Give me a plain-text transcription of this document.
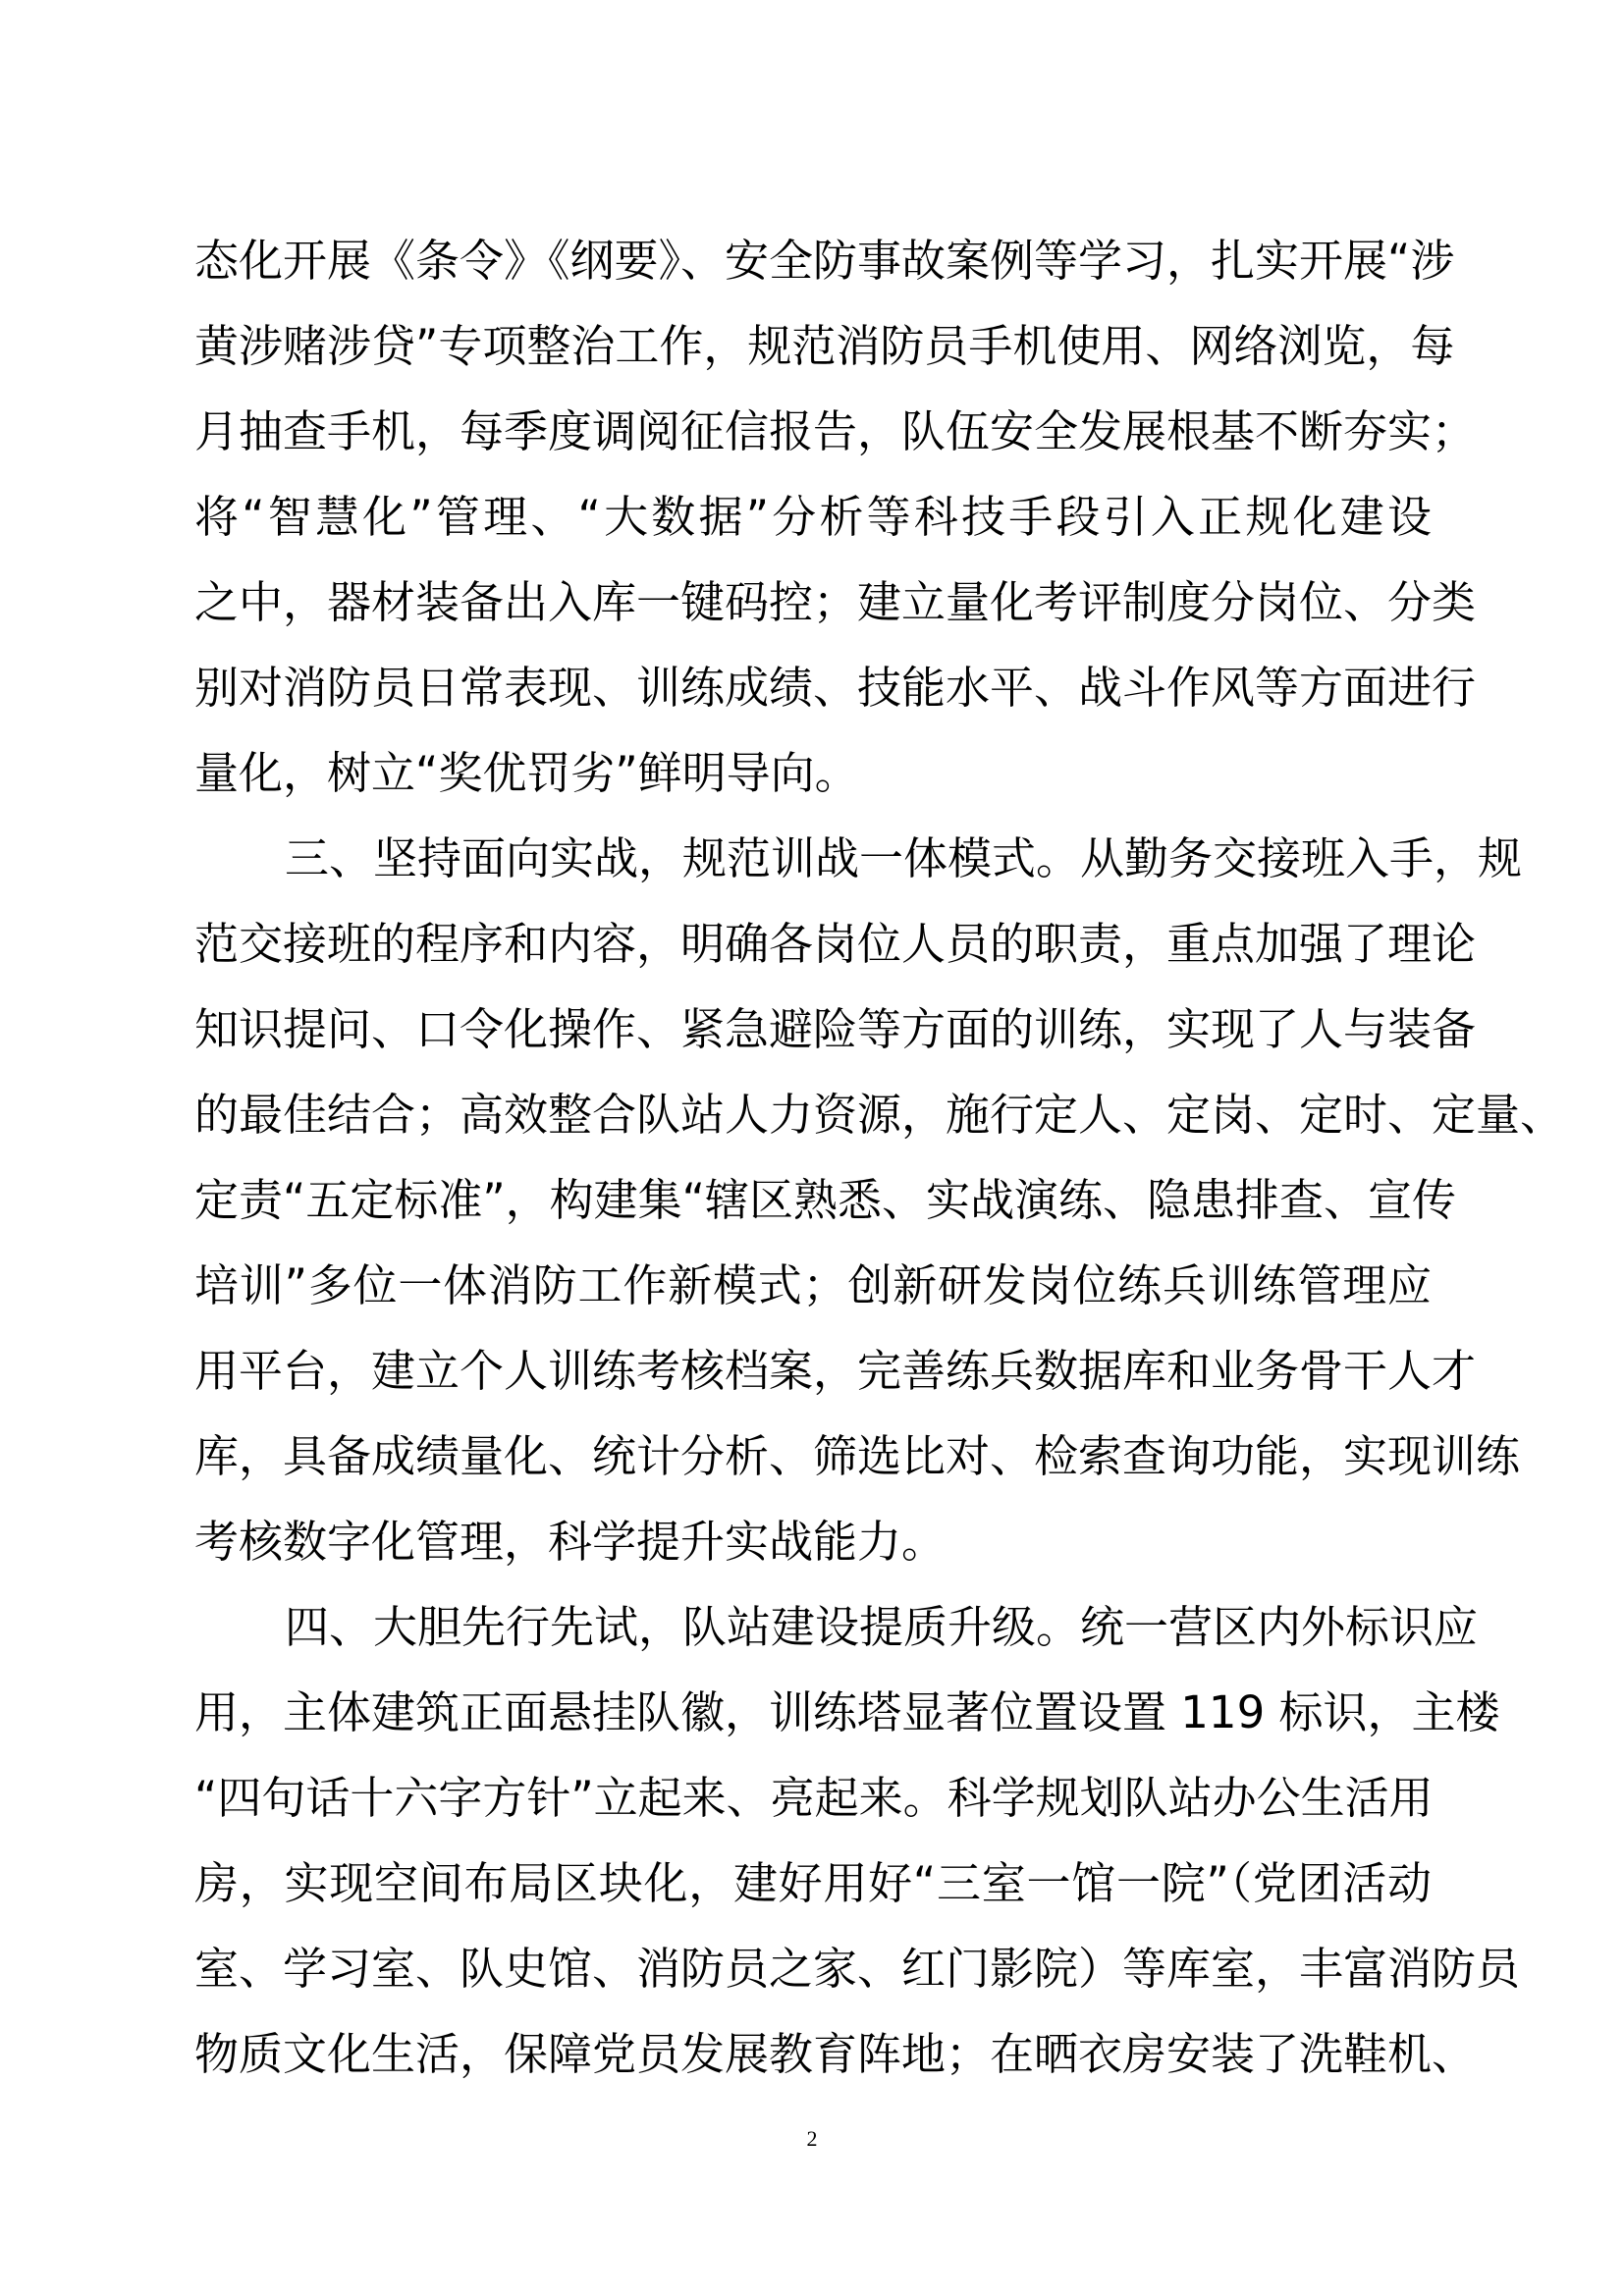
态化开展《条令》《纲要》、安全防事故案例等学习，扎实开展“涉
黄涉赌涉贷”专项整治工作，规范消防员手机使用、网络浏览，每
月抽查手机，每季度调阅征信报告，队伍安全发展根基不断夯实；
将“智慧化”管理、“大数据”分析等科技手段引入正规化建设
之中，器材装备出入库一键码控；建立量化考评制度分岗位、分类
别对消防员日常表现、训练成绩、技能水平、战斗作风等方面进行
量化，树立“奖优罚劣”鲜明导向。
三、坚持面向实战，规范训战一体模式。从勤务交接班入手，规
范交接班的程序和内容，明确各岗位人员的职责，重点加强了理论
知识提问、口令化操作、紧急避险等方面的训练，实现了人与装备
的最佳结合；高效整合队站人力资源，施行定人、定岗、定时、定量、
定责“五定标准”，构建集“辖区熟悉、实战演练、隐患排查、宣传
培训”多位一体消防工作新模式；创新研发岗位练兵训练管理应
用平台，建立个人训练考核档案，完善练兵数据库和业务骨干人才
库，具备成绩量化、统计分析、筛选比对、检索查询功能，实现训练
考核数字化管理，科学提升实战能力。
四、大胆先行先试，队站建设提质升级。统一营区内外标识应
用，主体建筑正面悬挂队徽，训练塔显著位置设置 119 标识，主楼
“四句话十六字方针”立起来、亮起来。科学规划队站办公生活用
房，实现空间布局区块化，建好用好“三室一馆一院”（党团活动
室、学习室、队史馆、消防员之家、红门影院）等库室，丰富消防员
物质文化生活，保障党员发展教育阵地；在晒衣房安装了洗鞋机、
2
